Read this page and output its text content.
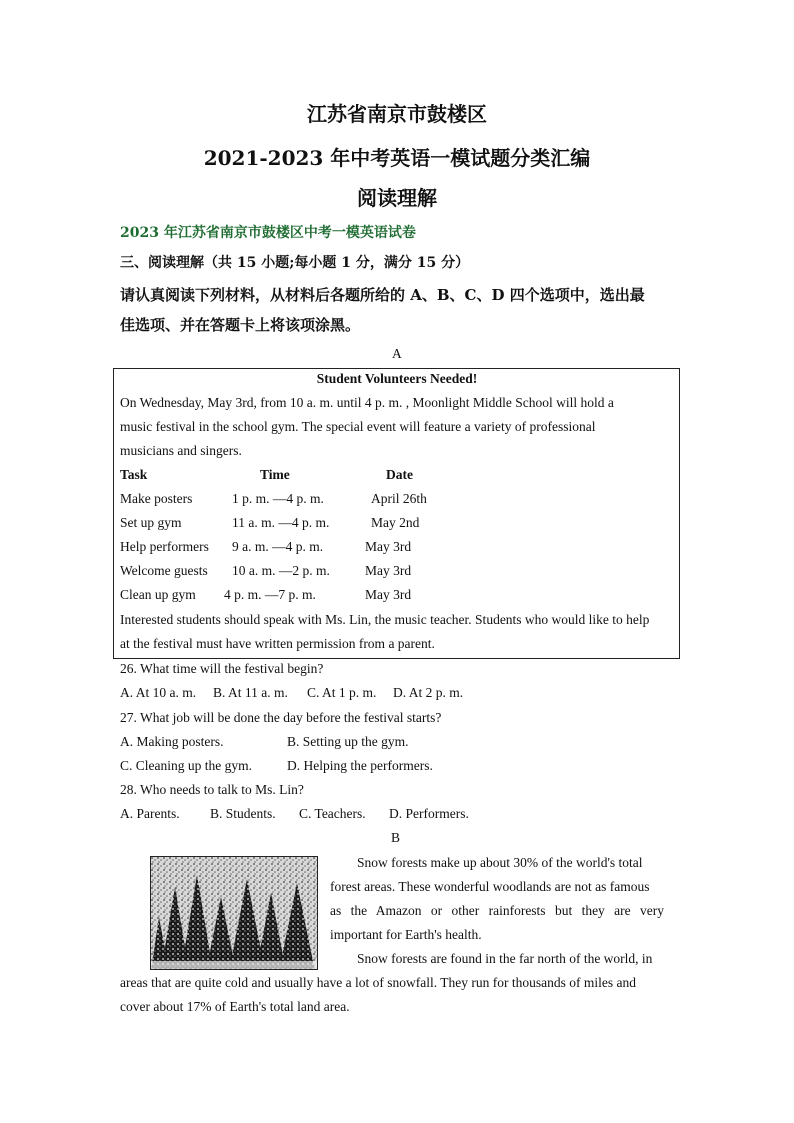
江苏省南京市鼓楼区
2021-2023 年中考英语一模试题分类汇编
阅读理解
2023 年江苏省南京市鼓楼区中考一模英语试卷
三、阅读理解（共 15 小题;每小题 1 分，满分 15 分）
请认真阅读下列材料，从材料后各题所给的 A、B、C、D 四个选项中，选出最
佳选项、并在答题卡上将该项涂黑。
A
Student Volunteers Needed!
On Wednesday, May 3rd, from 10 a. m. until 4 p. m. , Moonlight Middle School will hold a
music festival in the school gym. The special event will feature a variety of professional
musicians and singers.
Task	Time	Date
Make posters	1 p. m. —4 p. m.	April 26th
Set up gym	11 a. m. —4 p. m.	May 2nd
Help performers 9 a. m. —4 p. m.	May 3rd
Welcome guests 10 a. m. —2 p. m.	May 3rd
Clean up gym 4 p. m. —7 p. m.	May 3rd
Interested students should speak with Ms. Lin, the music teacher. Students who would like to help
at the festival must have written permission from a parent.
26. What time will the festival begin?
A. At 10 a. m. B. At 11 a. m. C. At 1 p. m. D. At 2 p. m.
27. What job will be done the day before the festival starts?
A. Making posters.	B. Setting up the gym.
C. Cleaning up the gym.	D. Helping the performers.
28. Who needs to talk to Ms. Lin?
A. Parents. B. Students. C. Teachers. D. Performers.
B
Snow forests make up about 30% of the world's total
forest areas. These wonderful woodlands are not as famous
as the Amazon or other rainforests but they are very
important for Earth's health.
Snow forests are found in the far north of the world, in
areas that are quite cold and usually have a lot of snowfall. They run for thousands of miles and
cover about 17% of Earth's total land area.
